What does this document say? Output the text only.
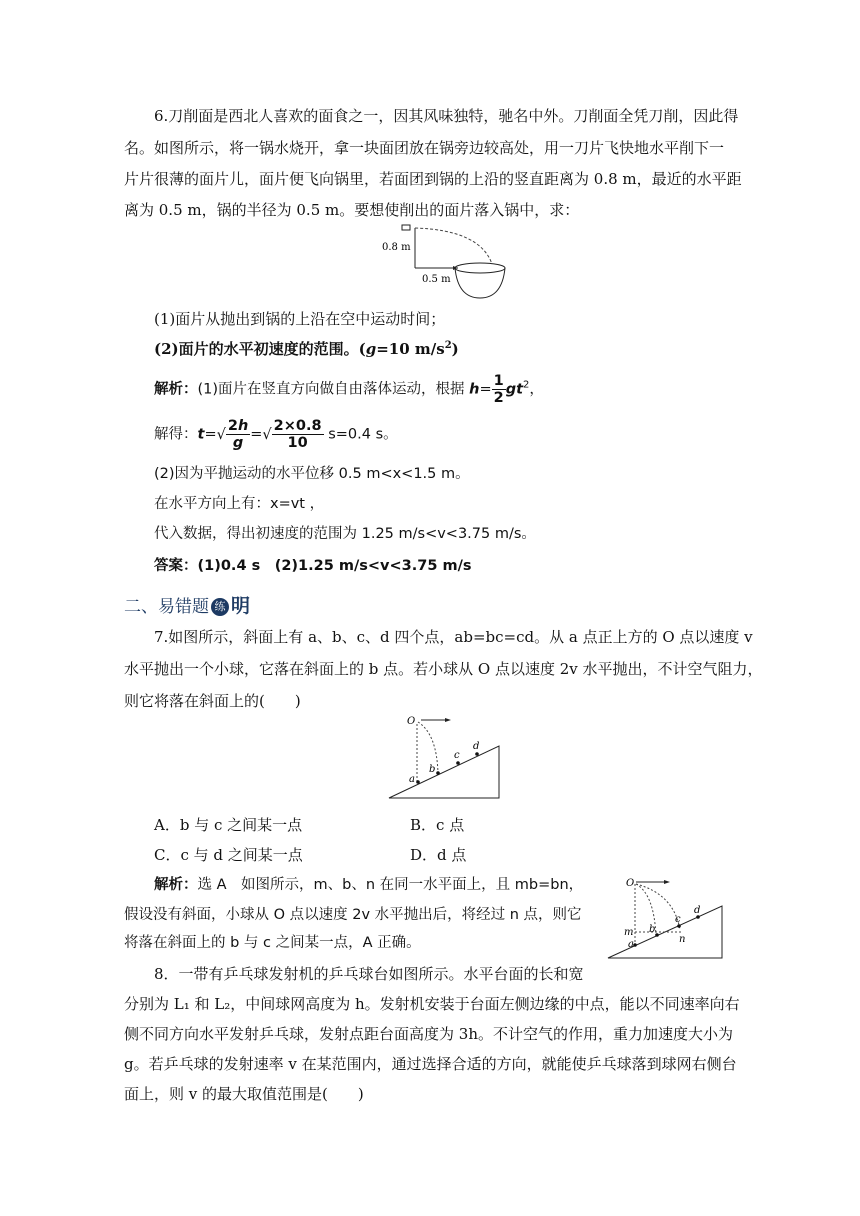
6.刀削面是西北人喜欢的面食之一，因其风味独特，驰名中外。刀削面全凭刀削，因此得
名。如图所示，将一锅水烧开，拿一块面团放在锅旁边较高处，用一刀片飞快地水平削下一
片片很薄的面片儿，面片便飞向锅里，若面团到锅的上沿的竖直距离为 0.8 m，最近的水平距
离为 0.5 m，锅的半径为 0.5 m。要想使削出的面片落入锅中，求：
0.8 m
0.5 m
(1)面片从抛出到锅的上沿在空中运动时间；
(2)面片的水平初速度的范围。(g=10 $m/s^2$)
解析：(1)面片在竖直方向做自由落体运动，根据 $h= \frac{1}{2} gt^2$，
解得：$t=√ \frac{2h}{g}$ =√ $\frac{2\times 0.8}{10} s=0.4$ s。
(2)因为平抛运动的水平位移 0.5 m<x<1.5 m。
在水平方向上有：x=vt ，
代入数据，得出初速度的范围为 1.25 m/s<v<3.75 m/s。
答案：(1)0.4 s　(2)1.25 m/s<v<3.75 m/s
二、易错题 练 明
7.如图所示，斜面上有 a、b、c、d 四个点，ab=bc=cd。从 a 点正上方的 O 点以速度 v
水平抛出一个小球，它落在斜面上的 b 点。若小球从 O 点以速度 2v 水平抛出，不计空气阻力，
则它将落在斜面上的(　　)
O
a
b
c
d
A．b 与 c 之间某一点	B．c 点
C．c 与 d 之间某一点	D．d 点
解析：选 A　如图所示，m、b、n 在同一水平面上，且 mb=bn，
假设没有斜面，小球从 O 点以速度 2v 水平抛出后，将经过 n 点，则它
将落在斜面上的 b 与 c 之间某一点，A 正确。
O
m
a
b
c
n
d
8．一带有乒乓球发射机的乒乓球台如图所示。水平台面的长和宽
分别为 L₁ 和 L₂，中间球网高度为 h。发射机安装于台面左侧边缘的中点，能以不同速率向右
侧不同方向水平发射乒乓球，发射点距台面高度为 3h。不计空气的作用，重力加速度大小为
g。若乒乓球的发射速率 v 在某范围内，通过选择合适的方向，就能使乒乓球落到球网右侧台
面上，则 v 的最大取值范围是(　　)
